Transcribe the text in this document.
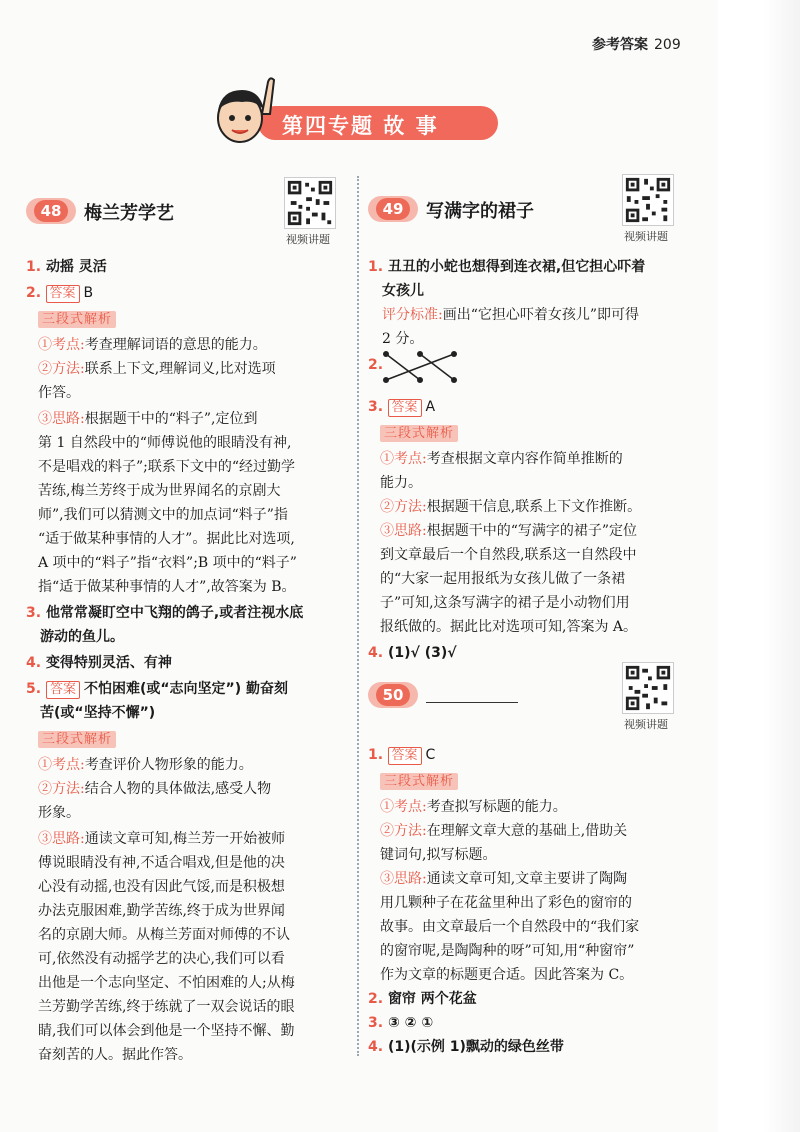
参考答案 209
第四专题 故 事
48	梅兰芳学艺
视频讲题
1. 动摇 灵活
2. 答案 B
三段式解析
①考点:考查理解词语的意思的能力。
②方法:联系上下文,理解词义,比对选项
作答。
③思路:根据题干中的“料子”,定位到
第 1 自然段中的“师傅说他的眼睛没有神,
不是唱戏的料子”;联系下文中的“经过勤学
苦练,梅兰芳终于成为世界闻名的京剧大
师”,我们可以猜测文中的加点词“料子”指
“适于做某种事情的人才”。据此比对选项,
A 项中的“料子”指“衣料”;B 项中的“料子”
指“适于做某种事情的人才”,故答案为 B。
3. 他常常凝盯空中飞翔的鸽子,或者注视水底
游动的鱼儿。
4. 变得特别灵活、有神
5. 答案 不怕困难(或“志向坚定”) 勤奋刻
苦(或“坚持不懈”)
三段式解析
①考点:考查评价人物形象的能力。
②方法:结合人物的具体做法,感受人物
形象。
③思路:通读文章可知,梅兰芳一开始被师
傅说眼睛没有神,不适合唱戏,但是他的决
心没有动摇,也没有因此气馁,而是积极想
办法克服困难,勤学苦练,终于成为世界闻
名的京剧大师。从梅兰芳面对师傅的不认
可,依然没有动摇学艺的决心,我们可以看
出他是一个志向坚定、不怕困难的人;从梅
兰芳勤学苦练,终于练就了一双会说话的眼
睛,我们可以体会到他是一个坚持不懈、勤
奋刻苦的人。据此作答。
49	写满字的裙子
视频讲题
1. 丑丑的小蛇也想得到连衣裙,但它担心吓着
女孩儿
评分标准:画出“它担心吓着女孩儿”即可得
2 分。
2.
3. 答案 A
三段式解析
①考点:考查根据文章内容作简单推断的
能力。
②方法:根据题干信息,联系上下文作推断。
③思路:根据题干中的“写满字的裙子”定位
到文章最后一个自然段,联系这一自然段中
的“大家一起用报纸为女孩儿做了一条裙
子”可知,这条写满字的裙子是小动物们用
报纸做的。据此比对选项可知,答案为 A。
4. (1)√ (3)√
50
视频讲题
1. 答案 C
三段式解析
①考点:考查拟写标题的能力。
②方法:在理解文章大意的基础上,借助关
键词句,拟写标题。
③思路:通读文章可知,文章主要讲了陶陶
用几颗种子在花盆里种出了彩色的窗帘的
故事。由文章最后一个自然段中的“我们家
的窗帘呢,是陶陶种的呀”可知,用“种窗帘”
作为文章的标题更合适。因此答案为 C。
2. 窗帘 两个花盆
3. ③ ② ①
4. (1)(示例 1)飘动的绿色丝带
